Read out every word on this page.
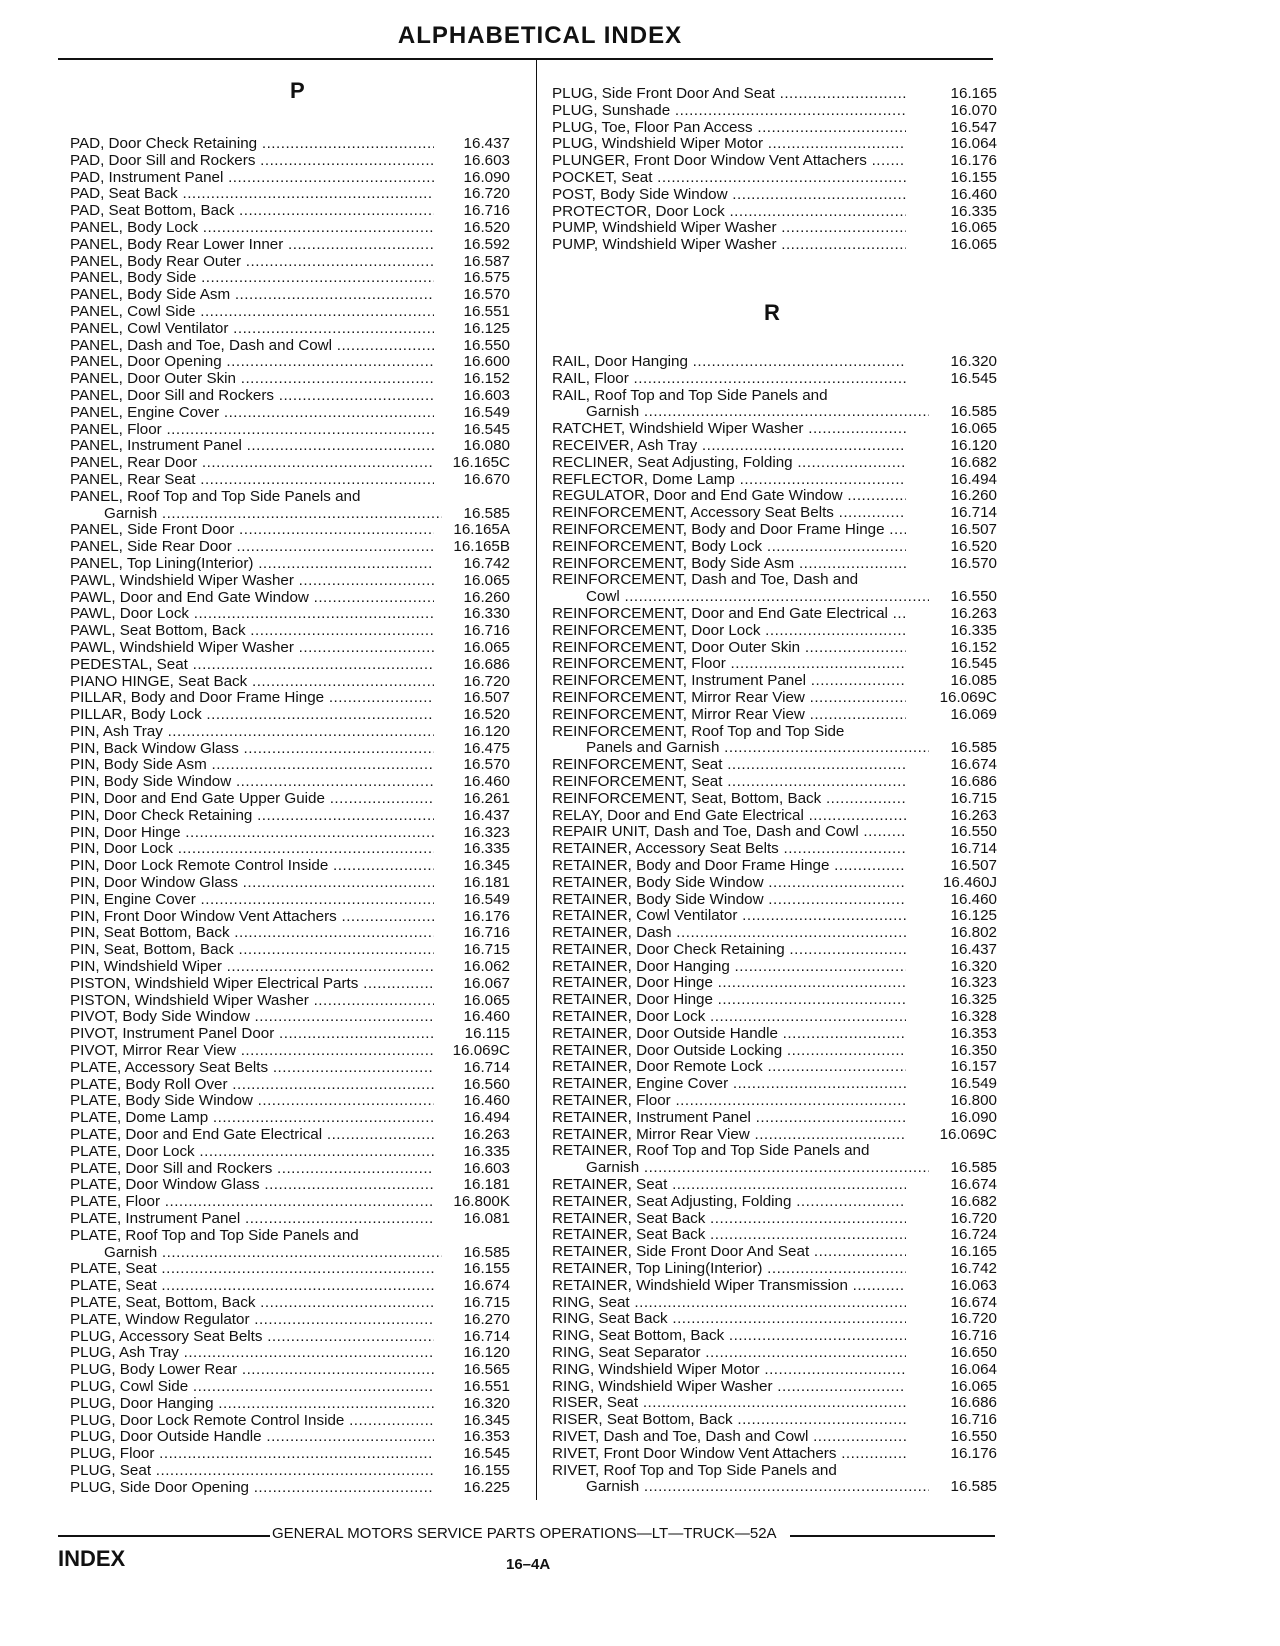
ALPHABETICAL INDEX
P
R
PAD, Door Check Retaining .....	16.437
PAD, Door Sill and Rockers .....	16.603
PAD, Instrument Panel .....	16.090
PAD, Seat Back .....	16.720
PAD, Seat Bottom, Back .....	16.716
PANEL, Body Lock .....	16.520
PANEL, Body Rear Lower Inner .....	16.592
PANEL, Body Rear Outer .....	16.587
PANEL, Body Side .....	16.575
PANEL, Body Side Asm .....	16.570
PANEL, Cowl Side .....	16.551
PANEL, Cowl Ventilator .....	16.125
PANEL, Dash and Toe, Dash and Cowl .....	16.550
PANEL, Door Opening .....	16.600
PANEL, Door Outer Skin .....	16.152
PANEL, Door Sill and Rockers .....	16.603
PANEL, Engine Cover .....	16.549
PANEL, Floor .....	16.545
PANEL, Instrument Panel .....	16.080
PANEL, Rear Door .....	16.165C
PANEL, Rear Seat .....	16.670
PANEL, Roof Top and Top Side Panels and
Garnish .....	16.585
PANEL, Side Front Door .....	16.165A
PANEL, Side Rear Door .....	16.165B
PANEL, Top Lining(Interior) .....	16.742
PAWL, Windshield Wiper Washer .....	16.065
PAWL, Door and End Gate Window .....	16.260
PAWL, Door Lock .....	16.330
PAWL, Seat Bottom, Back .....	16.716
PAWL, Windshield Wiper Washer .....	16.065
PEDESTAL, Seat .....	16.686
PIANO HINGE, Seat Back .....	16.720
PILLAR, Body and Door Frame Hinge .....	16.507
PILLAR, Body Lock .....	16.520
PIN, Ash Tray .....	16.120
PIN, Back Window Glass .....	16.475
PIN, Body Side Asm .....	16.570
PIN, Body Side Window .....	16.460
PIN, Door and End Gate Upper Guide .....	16.261
PIN, Door Check Retaining .....	16.437
PIN, Door Hinge .....	16.323
PIN, Door Lock .....	16.335
PIN, Door Lock Remote Control Inside .....	16.345
PIN, Door Window Glass .....	16.181
PIN, Engine Cover .....	16.549
PIN, Front Door Window Vent Attachers .....	16.176
PIN, Seat Bottom, Back .....	16.716
PIN, Seat, Bottom, Back .....	16.715
PIN, Windshield Wiper .....	16.062
PISTON, Windshield Wiper Electrical Parts .....	16.067
PISTON, Windshield Wiper Washer .....	16.065
PIVOT, Body Side Window .....	16.460
PIVOT, Instrument Panel Door .....	16.115
PIVOT, Mirror Rear View .....	16.069C
PLATE, Accessory Seat Belts .....	16.714
PLATE, Body Roll Over .....	16.560
PLATE, Body Side Window .....	16.460
PLATE, Dome Lamp .....	16.494
PLATE, Door and End Gate Electrical .....	16.263
PLATE, Door Lock .....	16.335
PLATE, Door Sill and Rockers .....	16.603
PLATE, Door Window Glass .....	16.181
PLATE, Floor .....	16.800K
PLATE, Instrument Panel .....	16.081
PLATE, Roof Top and Top Side Panels and
Garnish .....	16.585
PLATE, Seat .....	16.155
PLATE, Seat .....	16.674
PLATE, Seat, Bottom, Back .....	16.715
PLATE, Window Regulator .....	16.270
PLUG, Accessory Seat Belts .....	16.714
PLUG, Ash Tray .....	16.120
PLUG, Body Lower Rear .....	16.565
PLUG, Cowl Side .....	16.551
PLUG, Door Hanging .....	16.320
PLUG, Door Lock Remote Control Inside .....	16.345
PLUG, Door Outside Handle .....	16.353
PLUG, Floor .....	16.545
PLUG, Seat .....	16.155
PLUG, Side Door Opening .....	16.225
PLUG, Side Front Door And Seat .....	16.165
PLUG, Sunshade .....	16.070
PLUG, Toe, Floor Pan Access .....	16.547
PLUG, Windshield Wiper Motor .....	16.064
PLUNGER, Front Door Window Vent Attachers .....	16.176
POCKET, Seat .....	16.155
POST, Body Side Window .....	16.460
PROTECTOR, Door Lock .....	16.335
PUMP, Windshield Wiper Washer .....	16.065
PUMP, Windshield Wiper Washer .....	16.065
RAIL, Door Hanging .....	16.320
RAIL, Floor .....	16.545
RAIL, Roof Top and Top Side Panels and
Garnish .....	16.585
RATCHET, Windshield Wiper Washer .....	16.065
RECEIVER, Ash Tray .....	16.120
RECLINER, Seat Adjusting, Folding .....	16.682
REFLECTOR, Dome Lamp .....	16.494
REGULATOR, Door and End Gate Window .....	16.260
REINFORCEMENT, Accessory Seat Belts .....	16.714
REINFORCEMENT, Body and Door Frame Hinge .....	16.507
REINFORCEMENT, Body Lock .....	16.520
REINFORCEMENT, Body Side Asm .....	16.570
REINFORCEMENT, Dash and Toe, Dash and
Cowl .....	16.550
REINFORCEMENT, Door and End Gate Electrical .....	16.263
REINFORCEMENT, Door Lock .....	16.335
REINFORCEMENT, Door Outer Skin .....	16.152
REINFORCEMENT, Floor .....	16.545
REINFORCEMENT, Instrument Panel .....	16.085
REINFORCEMENT, Mirror Rear View .....	16.069C
REINFORCEMENT, Mirror Rear View .....	16.069
REINFORCEMENT, Roof Top and Top Side
Panels and Garnish .....	16.585
REINFORCEMENT, Seat .....	16.674
REINFORCEMENT, Seat .....	16.686
REINFORCEMENT, Seat, Bottom, Back .....	16.715
RELAY, Door and End Gate Electrical .....	16.263
REPAIR UNIT, Dash and Toe, Dash and Cowl .....	16.550
RETAINER, Accessory Seat Belts .....	16.714
RETAINER, Body and Door Frame Hinge .....	16.507
RETAINER, Body Side Window .....	16.460J
RETAINER, Body Side Window .....	16.460
RETAINER, Cowl Ventilator .....	16.125
RETAINER, Dash .....	16.802
RETAINER, Door Check Retaining .....	16.437
RETAINER, Door Hanging .....	16.320
RETAINER, Door Hinge .....	16.323
RETAINER, Door Hinge .....	16.325
RETAINER, Door Lock .....	16.328
RETAINER, Door Outside Handle .....	16.353
RETAINER, Door Outside Locking .....	16.350
RETAINER, Door Remote Lock .....	16.157
RETAINER, Engine Cover .....	16.549
RETAINER, Floor .....	16.800
RETAINER, Instrument Panel .....	16.090
RETAINER, Mirror Rear View .....	16.069C
RETAINER, Roof Top and Top Side Panels and
Garnish .....	16.585
RETAINER, Seat .....	16.674
RETAINER, Seat Adjusting, Folding .....	16.682
RETAINER, Seat Back .....	16.720
RETAINER, Seat Back .....	16.724
RETAINER, Side Front Door And Seat .....	16.165
RETAINER, Top Lining(Interior) .....	16.742
RETAINER, Windshield Wiper Transmission .....	16.063
RING, Seat .....	16.674
RING, Seat Back .....	16.720
RING, Seat Bottom, Back .....	16.716
RING, Seat Separator .....	16.650
RING, Windshield Wiper Motor .....	16.064
RING, Windshield Wiper Washer .....	16.065
RISER, Seat .....	16.686
RISER, Seat Bottom, Back .....	16.716
RIVET, Dash and Toe, Dash and Cowl .....	16.550
RIVET, Front Door Window Vent Attachers .....	16.176
RIVET, Roof Top and Top Side Panels and
Garnish .....	16.585
GENERAL MOTORS SERVICE PARTS OPERATIONS—LT—TRUCK—52A
INDEX	16–4A
